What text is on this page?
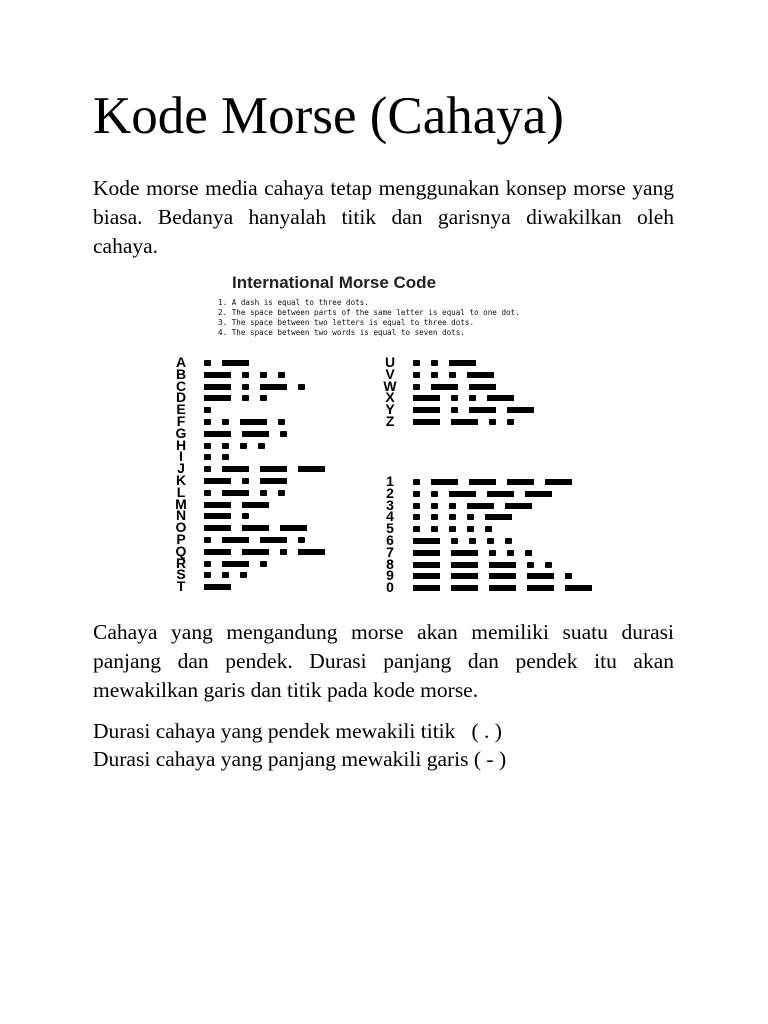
Kode Morse (Cahaya)

Kode morse media cahaya tetap menggunakan konsep morse yang biasa. Bedanya hanyalah titik dan garisnya diwakilkan oleh cahaya.

International Morse Code
1. A dash is equal to three dots.
2. The space between parts of the same letter is equal to one dot.
3. The space between two letters is equal to three dots.
4. The space between two words is equal to seven dots.
A
B
C
D
E
F
G
H
I
J
K
L
M
N
O
P
Q
R
S
T
U
V
W
X
Y
Z
1
2
3
4
5
6
7
8
9
0

Cahaya yang mengandung morse akan memiliki suatu durasi panjang dan pendek. Durasi panjang dan pendek itu akan mewakilkan garis dan titik pada kode morse.

Durasi cahaya yang pendek mewakili titik   ( . )
Durasi cahaya yang panjang mewakili garis ( - )
